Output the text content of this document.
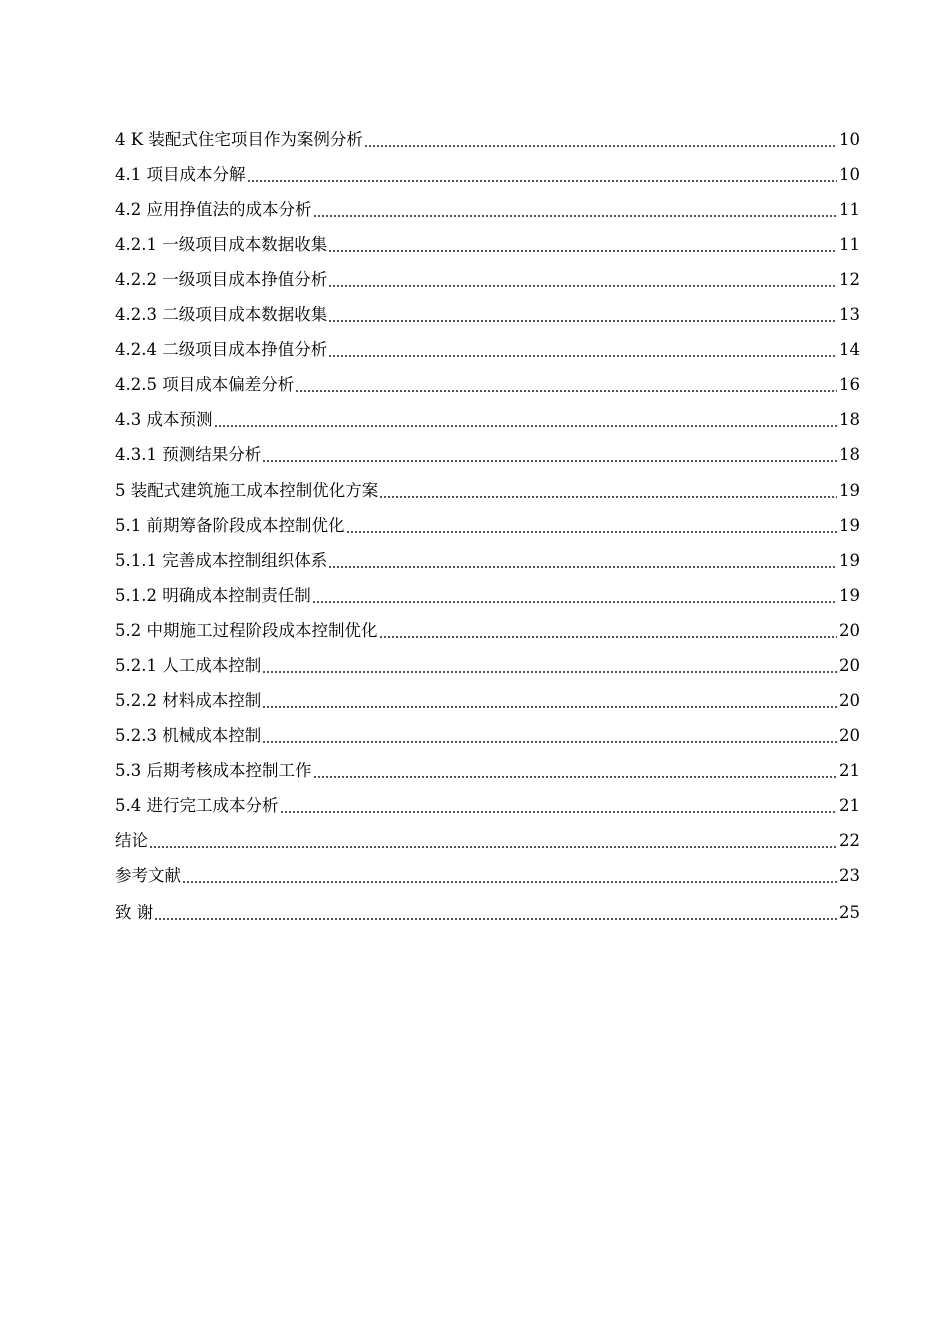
4 K 装配式住宅项目作为案例分析	10
4.1 项目成本分解	10
4.2 应用挣值法的成本分析	11
4.2.1 一级项目成本数据收集	11
4.2.2 一级项目成本挣值分析	12
4.2.3 二级项目成本数据收集	13
4.2.4 二级项目成本挣值分析	14
4.2.5 项目成本偏差分析	16
4.3 成本预测	18
4.3.1 预测结果分析	18
5 装配式建筑施工成本控制优化方案	19
5.1 前期筹备阶段成本控制优化	19
5.1.1 完善成本控制组织体系	19
5.1.2 明确成本控制责任制	19
5.2 中期施工过程阶段成本控制优化	20
5.2.1 人工成本控制	20
5.2.2 材料成本控制	20
5.2.3 机械成本控制	20
5.3 后期考核成本控制工作	21
5.4 进行完工成本分析	21
结论	22
参考文献	23
致 谢	25
